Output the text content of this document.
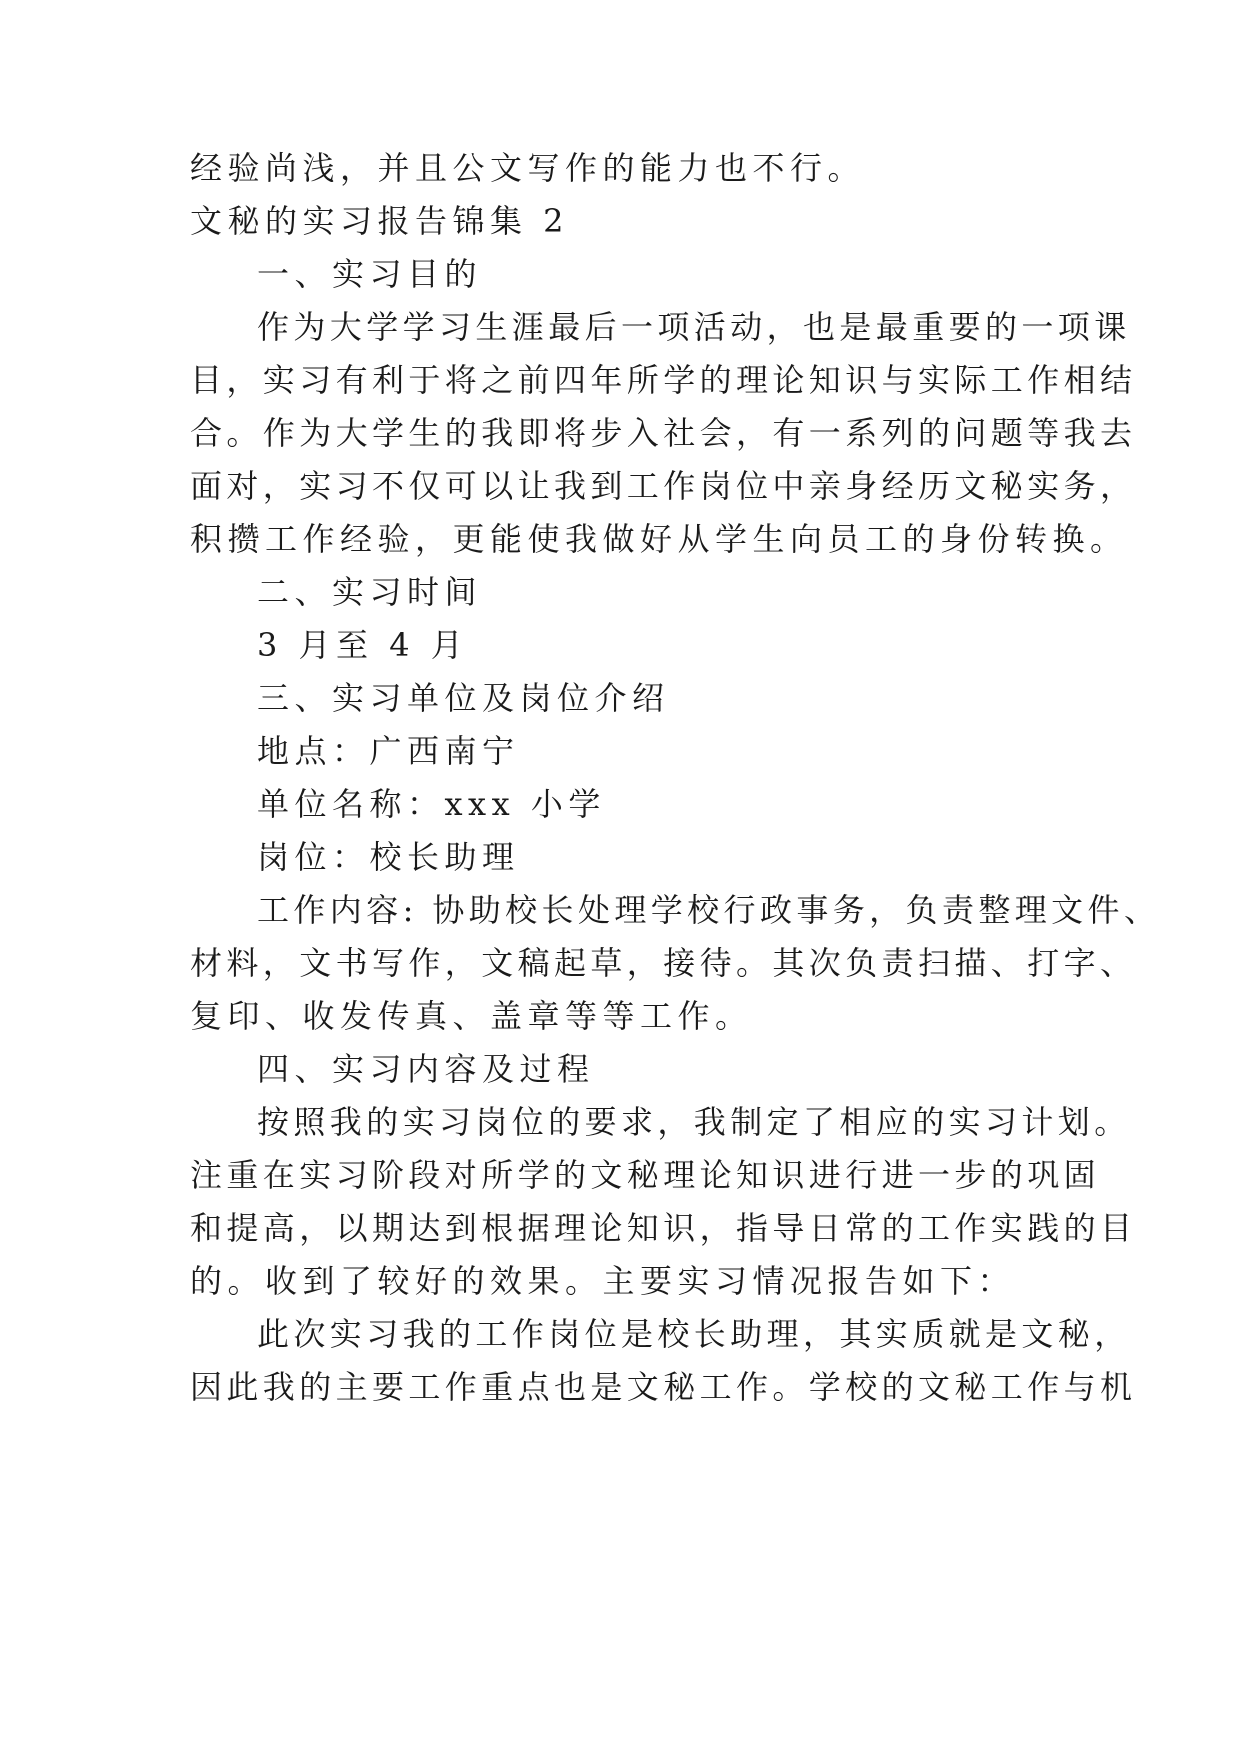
经验尚浅，并且公文写作的能力也不行。
文秘的实习报告锦集 2
一、实习目的
作为大学学习生涯最后一项活动，也是最重要的一项课
目，实习有利于将之前四年所学的理论知识与实际工作相结
合。作为大学生的我即将步入社会，有一系列的问题等我去
面对，实习不仅可以让我到工作岗位中亲身经历文秘实务，
积攒工作经验，更能使我做好从学生向员工的身份转换。
二、实习时间
3 月至 4 月
三、实习单位及岗位介绍
地点：广西南宁
单位名称：xxx 小学
岗位：校长助理
工作内容: 协助校长处理学校行政事务，负责整理文件、
材料，文书写作，文稿起草，接待。其次负责扫描、打字、
复印、收发传真、盖章等等工作。
四、实习内容及过程
按照我的实习岗位的要求，我制定了相应的实习计划。
注重在实习阶段对所学的文秘理论知识进行进一步的巩固
和提高，以期达到根据理论知识，指导日常的工作实践的目
的。收到了较好的效果。主要实习情况报告如下：
此次实习我的工作岗位是校长助理，其实质就是文秘，
因此我的主要工作重点也是文秘工作。学校的文秘工作与机
